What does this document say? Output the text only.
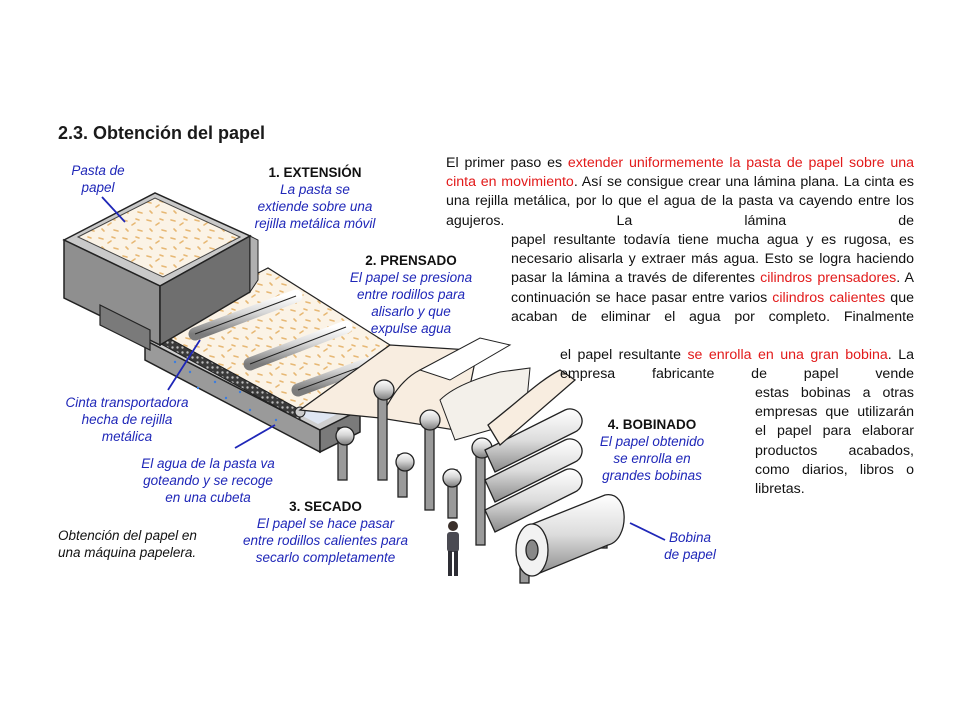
2.3. Obtención del papel
Pasta de
papel
1. EXTENSIÓN
La pasta se
extiende sobre una
rejilla metálica móvil
2. PRENSADO
El papel se presiona
entre rodillos para
alisarlo y que
expulse agua
Cinta transportadora
hecha de rejilla
metálica
El agua de la pasta va
goteando y se recoge
en una cubeta
3. SECADO
El papel se hace pasar
entre rodillos calientes para
secarlo completamente
4. BOBINADO
El papel obtenido
se enrolla en
grandes bobinas
Bobina
de papel
Obtención del papel en
una máquina papelera.
El primer paso es extender uniformemente la pasta de papel sobre una cinta en movimiento. Así se consigue crear una lámina plana. La cinta es una rejilla metálica, por lo que el agua de la pasta va cayendo entre los agujeros. La lámina de
papel resultante todavía tiene mucha agua y es rugosa, es necesario alisarla y extraer más agua. Esto se logra haciendo pasar la lámina a través de diferentes cilindros prensadores. A continuación se hace pasar entre varios cilindros calientes que acaban de eliminar el agua por completo. Finalmente
el papel resultante se enrolla en una gran bobina. La empresa fabricante de papel vende
estas bobinas a otras empresas que utilizarán el papel para elaborar productos acabados, como diarios, libros o libretas.
